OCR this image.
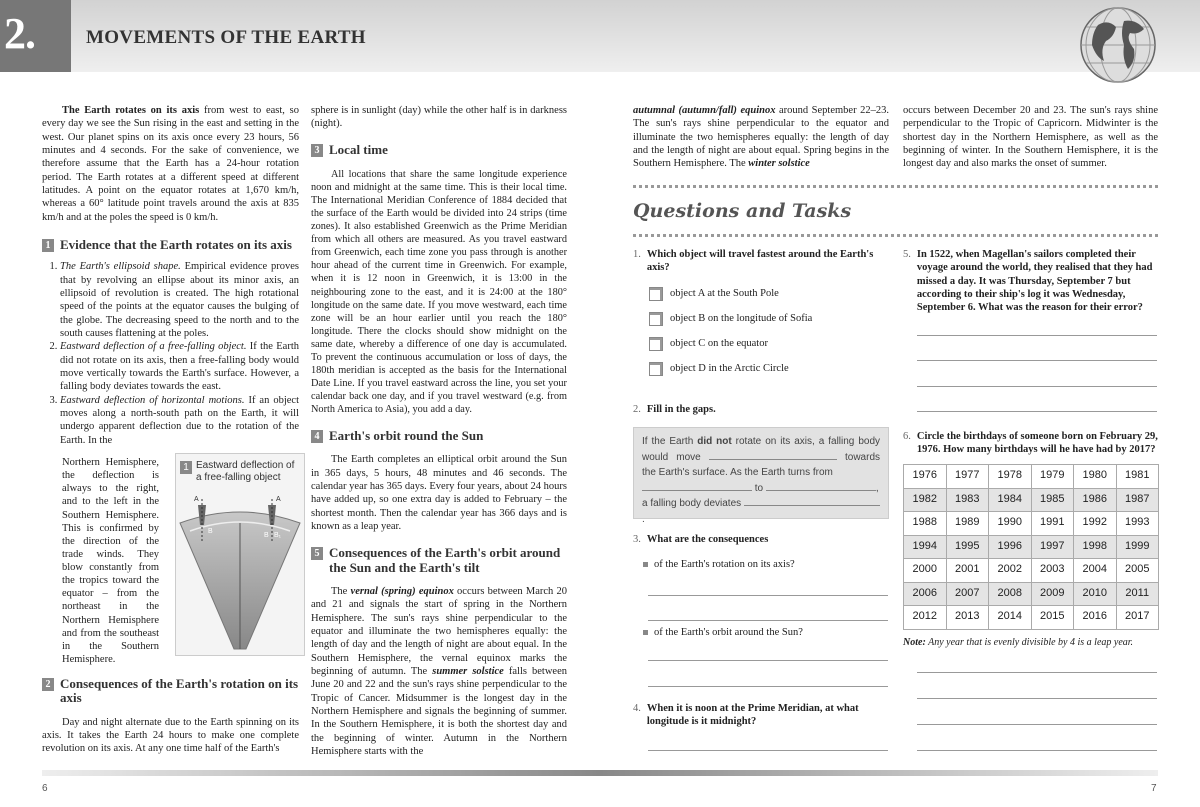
2.	MOVEMENTS OF THE EARTH

The Earth rotates on its axis from west to east, so every day we see the Sun rising in the east and setting in the west. Our planet spins on its axis once every 23 hours, 56 minutes and 4 seconds. For the sake of convenience, we therefore assume that the Earth has a 24-hour rotation period. The Earth rotates at a different speed at different latitudes. A point on the equator rotates at 1,670 km/h, whereas a 60° latitude point travels around the axis at 835 km/h and at the poles the speed is 0 km/h.

1 Evidence that the Earth rotates on its axis
1. The Earth's ellipsoid shape. Empirical evidence proves that by revolving an ellipse about its minor axis, an ellipsoid of revolution is created. The high rotational speed of the points at the equator causes the bulging of the globe. The decreasing speed to the north and to the south causes flattening at the poles.
2. Eastward deflection of a free-falling object. If the Earth did not rotate on its axis, then a free-falling body would move vertically towards the Earth's surface. However, a falling body deviates towards the east.
3. Eastward deflection of horizontal motions. If an object moves along a north-south path on the Earth, it will undergo apparent deflection due to the rotation of the Earth. In the
Northern Hemisphere, the deflection is always to the right, and to the left in the Southern Hemisphere. This is confirmed by the direction of the trade winds. They blow constantly from the tropics toward the equator – from the northeast in the Northern Hemisphere and from the southeast in the Southern Hemisphere.
1 Eastward deflection of a free-falling object
A	A
B
B B₁
2 Consequences of the Earth's rotation on its axis

Day and night alternate due to the Earth spinning on its axis. It takes the Earth 24 hours to make one complete revolution on its axis. At any one time half of the Earth's

sphere is in sunlight (day) while the other half is in darkness (night).

3 Local time

All locations that share the same longitude experience noon and midnight at the same time. This is their local time. The International Meridian Conference of 1884 decided that the surface of the Earth would be divided into 24 strips (time zones). It also established Greenwich as the Prime Meridian from which all others are measured. As you travel eastward from Greenwich, each time zone you pass through is another hour ahead of the current time in Greenwich. For example, when it is 12 noon in Greenwich, it is 13:00 in the neighbouring zone to the east, and it is 24:00 at the 180° longitude on the same date. If you move westward, each time zone will be an hour earlier until you reach the 180° longitude. There the clocks should show midnight on the same date, whereby a difference of one day is accumulated. To prevent the continuous accumulation or loss of days, the 180th meridian is accepted as the basis for the International Date Line. If you travel eastward across the line, you set your calendar back one day, and if you travel westward (e.g. from North America to Asia), you add a day.

4 Earth's orbit round the Sun

The Earth completes an elliptical orbit around the Sun in 365 days, 5 hours, 48 minutes and 46 seconds. The calendar year has 365 days. Every four years, about 24 hours have added up, so one extra day is added to February – the shortest month. Then the calendar year has 366 days and is known as a leap year.

5 Consequences of the Earth's orbit around the Sun and the Earth's tilt

The vernal (spring) equinox occurs between March 20 and 21 and signals the start of spring in the Northern Hemisphere. The sun's rays shine perpendicular to the equator and illuminate the two hemispheres equally: the length of day and the length of night are about equal. In the Southern Hemisphere, the vernal equinox marks the beginning of autumn. The summer solstice falls between June 20 and 22 and the sun's rays shine perpendicular to the Tropic of Cancer. Midsummer is the longest day in the Northern Hemisphere and signals the beginning of summer. In the Southern Hemisphere, it is both the shortest day and the beginning of winter. Autumn in the Northern Hemisphere starts with the

autumnal (autumn/fall) equinox around September 22–23. The sun's rays shine perpendicular to the equator and illuminate the two hemispheres equally: the length of day and the length of night are about equal. Spring begins in the Southern Hemisphere. The winter solstice
occurs between December 20 and 23. The sun's rays shine perpendicular to the Tropic of Capricorn. Midwinter is the shortest day in the Northern Hemisphere, as well as the beginning of winter. In the Southern Hemisphere, it is the longest day and also marks the onset of summer.
Questions and Tasks
1. Which object will travel fastest around the Earth's axis?
object A at the South Pole
object B on the longitude of Sofia
object C on the equator
object D in the Arctic Circle
2. Fill in the gaps.
If the Earth did not rotate on its axis, a falling body would move	towards the Earth's surface. As the Earth turns from
to	,
a falling body deviates  .
3. What are the consequences
of the Earth's rotation on its axis?
of the Earth's orbit around the Sun?
4. When it is noon at the Prime Meridian, at what longitude is it midnight?
5. In 1522, when Magellan's sailors completed their voyage around the world, they realised that they had missed a day. It was Thursday, September 7 but according to their ship's log it was Wednesday, September 6. What was the reason for their error?
6. Circle the birthdays of someone born on February 29, 1976. How many birthdays will he have had by 2017?
1976	1977	1978	1979	1980	1981
1982	1983	1984	1985	1986	1987
1988	1989	1990	1991	1992	1993
1994	1995	1996	1997	1998	1999
2000	2001	2002	2003	2004	2005
2006	2007	2008	2009	2010	2011
2012	2013	2014	2015	2016	2017
Note: Any year that is evenly divisible by 4 is a leap year.
6	7
